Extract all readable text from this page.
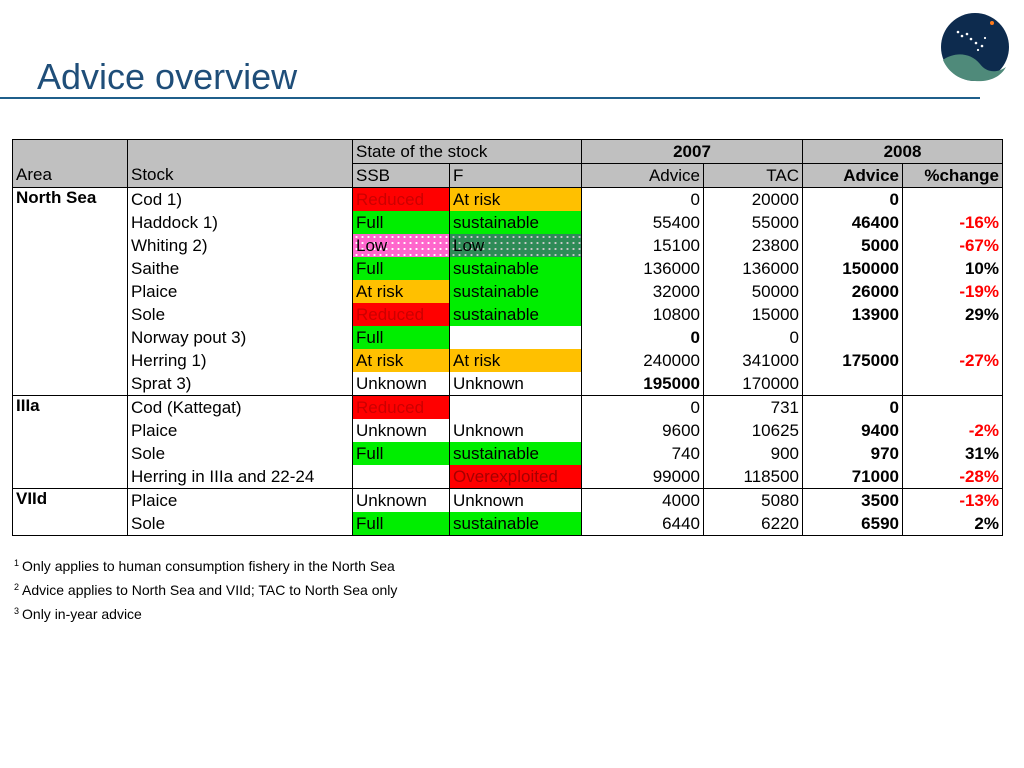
Advice overview
		State of the stock		2007		2008	
Area	Stock	SSB	F	Advice	TAC	Advice	%change
North Sea	Cod 1)	Reduced	At risk	0	20000	0	
	Haddock 1)	Full	sustainable	55400	55000	46400	-16%
	Whiting 2)	Low	Low	15100	23800	5000	-67%
	Saithe	Full	sustainable	136000	136000	150000	10%
	Plaice	At risk	sustainable	32000	50000	26000	-19%
	Sole	Reduced	sustainable	10800	15000	13900	29%
	Norway pout 3)	Full		0	0		
	Herring 1)	At risk	At risk	240000	341000	175000	-27%
	Sprat 3)	Unknown	Unknown	195000	170000		
IIIa	Cod (Kattegat)	Reduced		0	731	0	
	Plaice	Unknown	Unknown	9600	10625	9400	-2%
	Sole	Full	sustainable	740	900	970	31%
	Herring in IIIa and 22-24		Overexploited	99000	118500	71000	-28%
VIId	Plaice	Unknown	Unknown	4000	5080	3500	-13%
	Sole	Full	sustainable	6440	6220	6590	2%
$^1$ Only applies to human consumption fishery in the North Sea
$^2$ Advice applies to North Sea and VIId; TAC to North Sea only
$^3$ Only in-year advice
